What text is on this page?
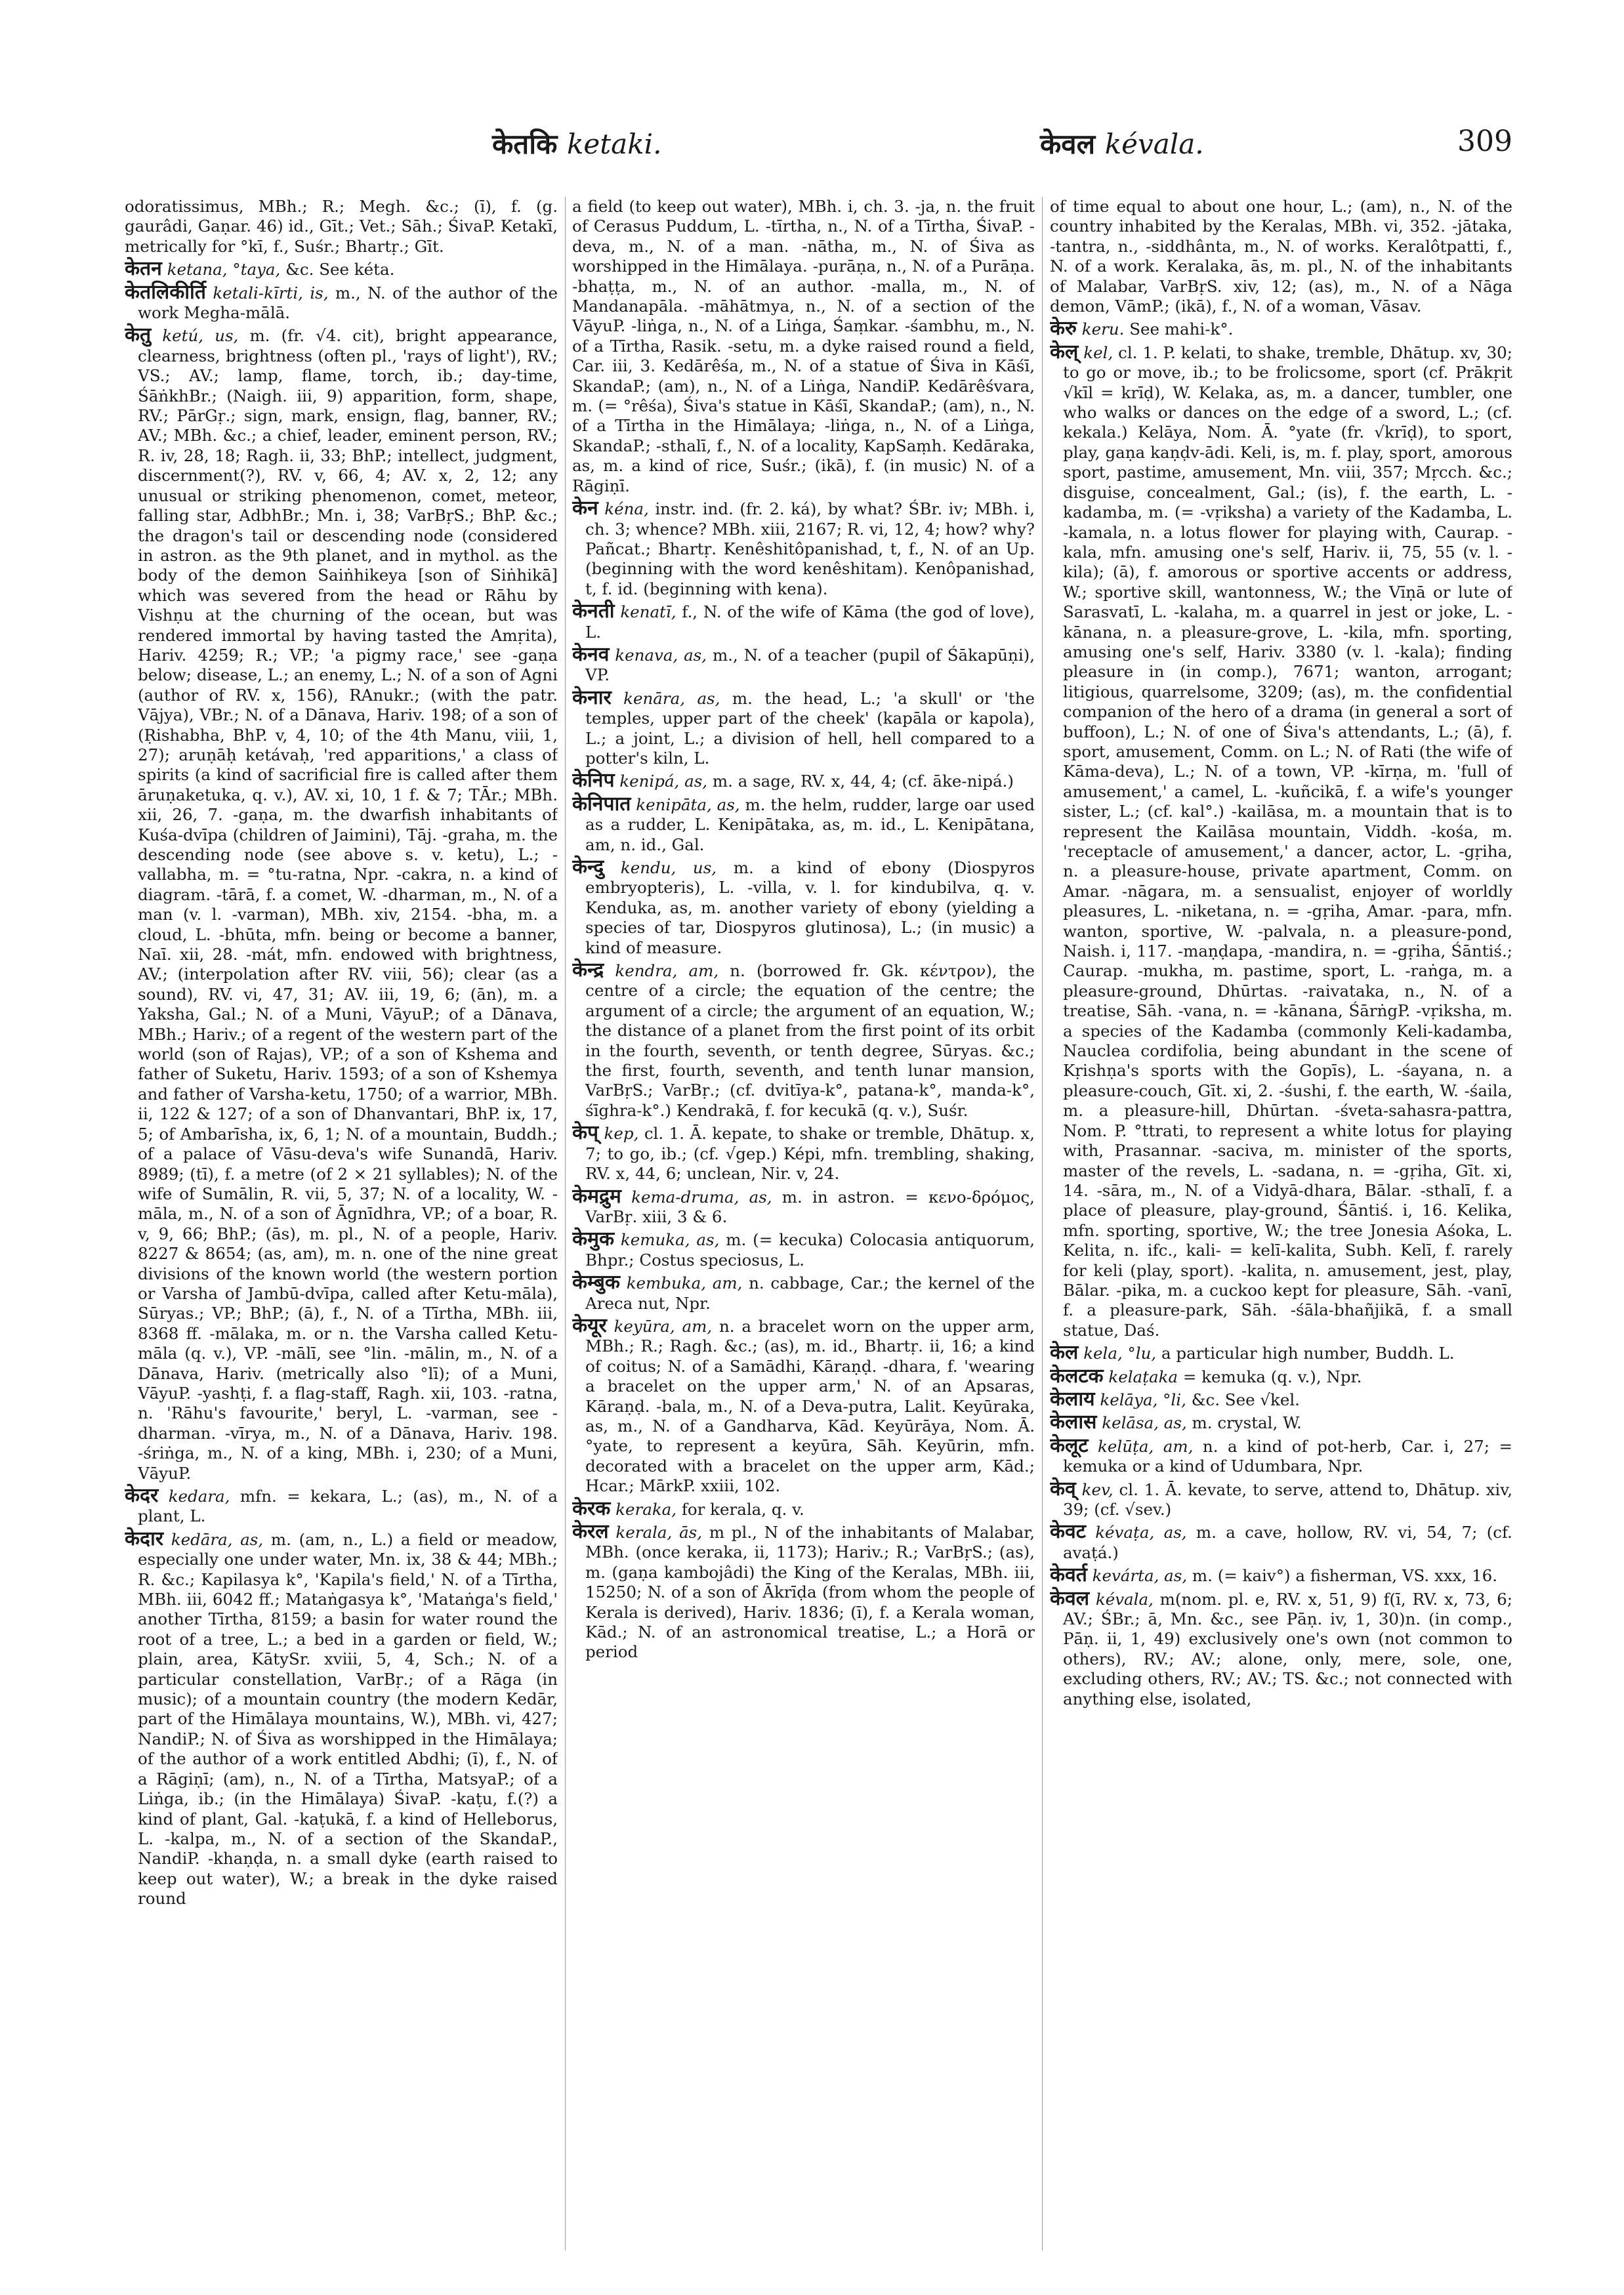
केतकि ketaki.	केवल kévala.	309

odoratissimus, MBh.; R.; Megh. &c.; (ī), f. (g. gaurâdi, Gaṇar. 46) id., Gīt.; Vet.; Sāh.; ŚivaP. Ketakī, metrically for °kī, f., Suśr.; Bhartṛ.; Gīt.

केतन ketana, °taya, &c. See kéta.

केतलिकीर्ति ketali-kīrti, is, m., N. of the author of the work Megha-mālā.

केतु ketú, us, m. (fr. √4. cit), bright appearance, clearness, brightness (often pl., 'rays of light'), RV.; VS.; AV.; lamp, flame, torch, ib.; day-time, ŚāṅkhBr.; (Naigh. iii, 9) apparition, form, shape, RV.; PārGṛ.; sign, mark, ensign, flag, banner, RV.; AV.; MBh. &c.; a chief, leader, eminent person, RV.; R. iv, 28, 18; Ragh. ii, 33; BhP.; intellect, judgment, discernment(?), RV. v, 66, 4; AV. x, 2, 12; any unusual or striking phenomenon, comet, meteor, falling star, AdbhBr.; Mn. i, 38; VarBṛS.; BhP. &c.; the dragon's tail or descending node (considered in astron. as the 9th planet, and in mythol. as the body of the demon Saiṅhikeya [son of Siṅhikā] which was severed from the head or Rāhu by Vishṇu at the churning of the ocean, but was rendered immortal by having tasted the Amṛita), Hariv. 4259; R.; VP.; 'a pigmy race,' see -gaṇa below; disease, L.; an enemy, L.; N. of a son of Agni (author of RV. x, 156), RAnukr.; (with the patr. Vājya), VBr.; N. of a Dānava, Hariv. 198; of a son of (Ṛishabha, BhP. v, 4, 10; of the 4th Manu, viii, 1, 27); aruṇāḥ ketávaḥ, 'red apparitions,' a class of spirits (a kind of sacrificial fire is called after them āruṇaketuka, q. v.), AV. xi, 10, 1 f. & 7; TĀr.; MBh. xii, 26, 7. -gaṇa, m. the dwarfish inhabitants of Kuśa-dvīpa (children of Jaimini), Tāj. -graha, m. the descending node (see above s. v. ketu), L.; -vallabha, m. = °tu-ratna, Npr. -cakra, n. a kind of diagram. -tārā, f. a comet, W. -dharman, m., N. of a man (v. l. -varman), MBh. xiv, 2154. -bha, m. a cloud, L. -bhūta, mfn. being or become a banner, Naī. xii, 28. -mát, mfn. endowed with brightness, AV.; (interpolation after RV. viii, 56); clear (as a sound), RV. vi, 47, 31; AV. iii, 19, 6; (ān), m. a Yaksha, Gal.; N. of a Muni, VāyuP.; of a Dānava, MBh.; Hariv.; of a regent of the western part of the world (son of Rajas), VP.; of a son of Kshema and father of Suketu, Hariv. 1593; of a son of Kshemya and father of Varsha-ketu, 1750; of a warrior, MBh. ii, 122 & 127; of a son of Dhanvantari, BhP. ix, 17, 5; of Ambarīsha, ix, 6, 1; N. of a mountain, Buddh.; of a palace of Vāsu-deva's wife Sunandā, Hariv. 8989; (tī), f. a metre (of 2 × 21 syllables); N. of the wife of Sumālin, R. vii, 5, 37; N. of a locality, W. -māla, m., N. of a son of Āgnīdhra, VP.; of a boar, R. v, 9, 66; BhP.; (ās), m. pl., N. of a people, Hariv. 8227 & 8654; (as, am), m. n. one of the nine great divisions of the known world (the western portion or Varsha of Jambū-dvīpa, called after Ketu-māla), Sūryas.; VP.; BhP.; (ā), f., N. of a Tīrtha, MBh. iii, 8368 ff. -mālaka, m. or n. the Varsha called Ketu-māla (q. v.), VP. -mālī, see °lin. -mālin, m., N. of a Dānava, Hariv. (metrically also °lī); of a Muni, VāyuP. -yashṭi, f. a flag-staff, Ragh. xii, 103. -ratna, n. 'Rāhu's favourite,' beryl, L. -varman, see -dharman. -vīrya, m., N. of a Dānava, Hariv. 198. -śriṅga, m., N. of a king, MBh. i, 230; of a Muni, VāyuP.

केदर kedara, mfn. = kekara, L.; (as), m., N. of a plant, L.

केदार kedāra, as, m. (am, n., L.) a field or meadow, especially one under water, Mn. ix, 38 & 44; MBh.; R. &c.; Kapilasya k°, 'Kapila's field,' N. of a Tīrtha, MBh. iii, 6042 ff.; Mataṅgasya k°, 'Mataṅga's field,' another Tīrtha, 8159; a basin for water round the root of a tree, L.; a bed in a garden or field, W.; plain, area, KātySr. xviii, 5, 4, Sch.; N. of a particular constellation, VarBṛ.; of a Rāga (in music); of a mountain country (the modern Kedār, part of the Himālaya mountains, W.), MBh. vi, 427; NandiP.; N. of Śiva as worshipped in the Himālaya; of the author of a work entitled Abdhi; (ī), f., N. of a Rāgiṇī; (am), n., N. of a Tīrtha, MatsyaP.; of a Liṅga, ib.; (in the Himālaya) ŚivaP. -kaṭu, f.(?) a kind of plant, Gal. -kaṭukā, f. a kind of Helleborus, L. -kalpa, m., N. of a section of the SkandaP., NandiP. -khaṇḍa, n. a small dyke (earth raised to keep out water), W.; a break in the dyke raised round

a field (to keep out water), MBh. i, ch. 3. -ja, n. the fruit of Cerasus Puddum, L. -tīrtha, n., N. of a Tīrtha, ŚivaP. -deva, m., N. of a man. -nātha, m., N. of Śiva as worshipped in the Himālaya. -purāṇa, n., N. of a Purāṇa. -bhaṭṭa, m., N. of an author. -malla, m., N. of Mandanapāla. -māhātmya, n., N. of a section of the VāyuP. -liṅga, n., N. of a Liṅga, Śaṃkar. -śambhu, m., N. of a Tīrtha, Rasik. -setu, m. a dyke raised round a field, Car. iii, 3. Kedārêśa, m., N. of a statue of Śiva in Kāśī, SkandaP.; (am), n., N. of a Liṅga, NandiP. Kedārêśvara, m. (= °rêśa), Śiva's statue in Kāśī, SkandaP.; (am), n., N. of a Tīrtha in the Himālaya; -liṅga, n., N. of a Liṅga, SkandaP.; -sthalī, f., N. of a locality, KapSaṃh. Kedāraka, as, m. a kind of rice, Suśr.; (ikā), f. (in music) N. of a Rāgiṇī.

केन kéna, instr. ind. (fr. 2. ká), by what? ŚBr. iv; MBh. i, ch. 3; whence? MBh. xiii, 2167; R. vi, 12, 4; how? why? Pañcat.; Bhartṛ. Kenêshitôpanishad, t, f., N. of an Up. (beginning with the word kenêshitam). Kenôpanishad, t, f. id. (beginning with kena).

केनती kenatī, f., N. of the wife of Kāma (the god of love), L.

केनव kenava, as, m., N. of a teacher (pupil of Śākapūṇi), VP.

केनार kenāra, as, m. the head, L.; 'a skull' or 'the temples, upper part of the cheek' (kapāla or kapola), L.; a joint, L.; a division of hell, hell compared to a potter's kiln, L.

केनिप kenipá, as, m. a sage, RV. x, 44, 4; (cf. āke-nipá.)

केनिपात kenipāta, as, m. the helm, rudder, large oar used as a rudder, L. Kenipātaka, as, m. id., L. Kenipātana, am, n. id., Gal.

केन्दु kendu, us, m. a kind of ebony (Diospyros embryopteris), L. -villa, v. l. for kindubilva, q. v. Kenduka, as, m. another variety of ebony (yielding a species of tar, Diospyros glutinosa), L.; (in music) a kind of measure.

केन्द्र kendra, am, n. (borrowed fr. Gk. κέντρον), the centre of a circle; the equation of the centre; the argument of a circle; the argument of an equation, W.; the distance of a planet from the first point of its orbit in the fourth, seventh, or tenth degree, Sūryas. &c.; the first, fourth, seventh, and tenth lunar mansion, VarBṛS.; VarBṛ.; (cf. dvitīya-k°, patana-k°, manda-k°, śīghra-k°.) Kendrakā, f. for kecukā (q. v.), Suśr.

केप् kep, cl. 1. Ā. kepate, to shake or tremble, Dhātup. x, 7; to go, ib.; (cf. √gep.) Képi, mfn. trembling, shaking, RV. x, 44, 6; unclean, Nir. v, 24.

केमद्रुम kema-druma, as, m. in astron. = κενο-δρόμος, VarBṛ. xiii, 3 & 6.

केमुक kemuka, as, m. (= kecuka) Colocasia antiquorum, Bhpr.; Costus speciosus, L.

केम्बुक kembuka, am, n. cabbage, Car.; the kernel of the Areca nut, Npr.

केयूर keyūra, am, n. a bracelet worn on the upper arm, MBh.; R.; Ragh. &c.; (as), m. id., Bhartṛ. ii, 16; a kind of coitus; N. of a Samādhi, Kāraṇḍ. -dhara, f. 'wearing a bracelet on the upper arm,' N. of an Apsaras, Kāraṇḍ. -bala, m., N. of a Deva-putra, Lalit. Keyūraka, as, m., N. of a Gandharva, Kād. Keyūrāya, Nom. Ā. °yate, to represent a keyūra, Sāh. Keyūrin, mfn. decorated with a bracelet on the upper arm, Kād.; Hcar.; MārkP. xxiii, 102.

केरक keraka, for kerala, q. v.

केरल kerala, ās, m pl., N of the inhabitants of Malabar, MBh. (once keraka, ii, 1173); Hariv.; R.; VarBṛS.; (as), m. (gaṇa kambojâdi) the King of the Keralas, MBh. iii, 15250; N. of a son of Ākrīḍa (from whom the people of Kerala is derived), Hariv. 1836; (ī), f. a Kerala woman, Kād.; N. of an astronomical treatise, L.; a Horā or period

of time equal to about one hour, L.; (am), n., N. of the country inhabited by the Keralas, MBh. vi, 352. -jātaka, -tantra, n., -siddhânta, m., N. of works. Keralôtpatti, f., N. of a work. Keralaka, ās, m. pl., N. of the inhabitants of Malabar, VarBṛS. xiv, 12; (as), m., N. of a Nāga demon, VāmP.; (ikā), f., N. of a woman, Vāsav.

केरु keru. See mahi-k°.

केल् kel, cl. 1. P. kelati, to shake, tremble, Dhātup. xv, 30; to go or move, ib.; to be frolicsome, sport (cf. Prākṛit √kīl = krīḍ), W. Kelaka, as, m. a dancer, tumbler, one who walks or dances on the edge of a sword, L.; (cf. kekala.) Kelāya, Nom. Ā. °yate (fr. √krīḍ), to sport, play, gaṇa kaṇḍv-ādi. Keli, is, m. f. play, sport, amorous sport, pastime, amusement, Mn. viii, 357; Mṛcch. &c.; disguise, concealment, Gal.; (is), f. the earth, L. -kadamba, m. (= -vṛiksha) a variety of the Kadamba, L. -kamala, n. a lotus flower for playing with, Caurap. -kala, mfn. amusing one's self, Hariv. ii, 75, 55 (v. l. -kila); (ā), f. amorous or sportive accents or address, W.; sportive skill, wantonness, W.; the Vīṇā or lute of Sarasvatī, L. -kalaha, m. a quarrel in jest or joke, L. -kānana, n. a pleasure-grove, L. -kila, mfn. sporting, amusing one's self, Hariv. 3380 (v. l. -kala); finding pleasure in (in comp.), 7671; wanton, arrogant; litigious, quarrelsome, 3209; (as), m. the confidential companion of the hero of a drama (in general a sort of buffoon), L.; N. of one of Śiva's attendants, L.; (ā), f. sport, amusement, Comm. on L.; N. of Rati (the wife of Kāma-deva), L.; N. of a town, VP. -kīrṇa, m. 'full of amusement,' a camel, L. -kuñcikā, f. a wife's younger sister, L.; (cf. kal°.) -kailāsa, m. a mountain that is to represent the Kailāsa mountain, Viddh. -kośa, m. 'receptacle of amusement,' a dancer, actor, L. -gṛiha, n. a pleasure-house, private apartment, Comm. on Amar. -nāgara, m. a sensualist, enjoyer of worldly pleasures, L. -niketana, n. = -gṛiha, Amar. -para, mfn. wanton, sportive, W. -palvala, n. a pleasure-pond, Naish. i, 117. -maṇḍapa, -mandira, n. = -gṛiha, Śāntiś.; Caurap. -mukha, m. pastime, sport, L. -raṅga, m. a pleasure-ground, Dhūrtas. -raivataka, n., N. of a treatise, Sāh. -vana, n. = -kānana, ŚārṅgP. -vṛiksha, m. a species of the Kadamba (commonly Keli-kadamba, Nauclea cordifolia, being abundant in the scene of Kṛishṇa's sports with the Gopīs), L. -śayana, n. a pleasure-couch, Gīt. xi, 2. -śushi, f. the earth, W. -śaila, m. a pleasure-hill, Dhūrtan. -śveta-sahasra-pattra, Nom. P. °ttrati, to represent a white lotus for playing with, Prasannar. -saciva, m. minister of the sports, master of the revels, L. -sadana, n. = -gṛiha, Gīt. xi, 14. -sāra, m., N. of a Vidyā-dhara, Bālar. -sthalī, f. a place of pleasure, play-ground, Śāntiś. i, 16. Kelika, mfn. sporting, sportive, W.; the tree Jonesia Aśoka, L. Kelita, n. ifc., kali- = kelī-kalita, Subh. Kelī, f. rarely for keli (play, sport). -kalita, n. amusement, jest, play, Bālar. -pika, m. a cuckoo kept for pleasure, Sāh. -vanī, f. a pleasure-park, Sāh. -śāla-bhañjikā, f. a small statue, Daś.

केल kela, °lu, a particular high number, Buddh. L.

केलटक kelaṭaka = kemuka (q. v.), Npr.

केलाय kelāya, °li, &c. See √kel.

केलास kelāsa, as, m. crystal, W.

केलूट kelūṭa, am, n. a kind of pot-herb, Car. i, 27; = kemuka or a kind of Udumbara, Npr.

केव् kev, cl. 1. Ā. kevate, to serve, attend to, Dhātup. xiv, 39; (cf. √sev.)

केवट kévaṭa, as, m. a cave, hollow, RV. vi, 54, 7; (cf. avaṭá.)

केवर्त kevárta, as, m. (= kaiv°) a fisherman, VS. xxx, 16.

केवल kévala, m(nom. pl. e, RV. x, 51, 9) f(ī, RV. x, 73, 6; AV.; ŚBr.; ā, Mn. &c., see Pāṇ. iv, 1, 30)n. (in comp., Pāṇ. ii, 1, 49) exclusively one's own (not common to others), RV.; AV.; alone, only, mere, sole, one, excluding others, RV.; AV.; TS. &c.; not connected with anything else, isolated,
